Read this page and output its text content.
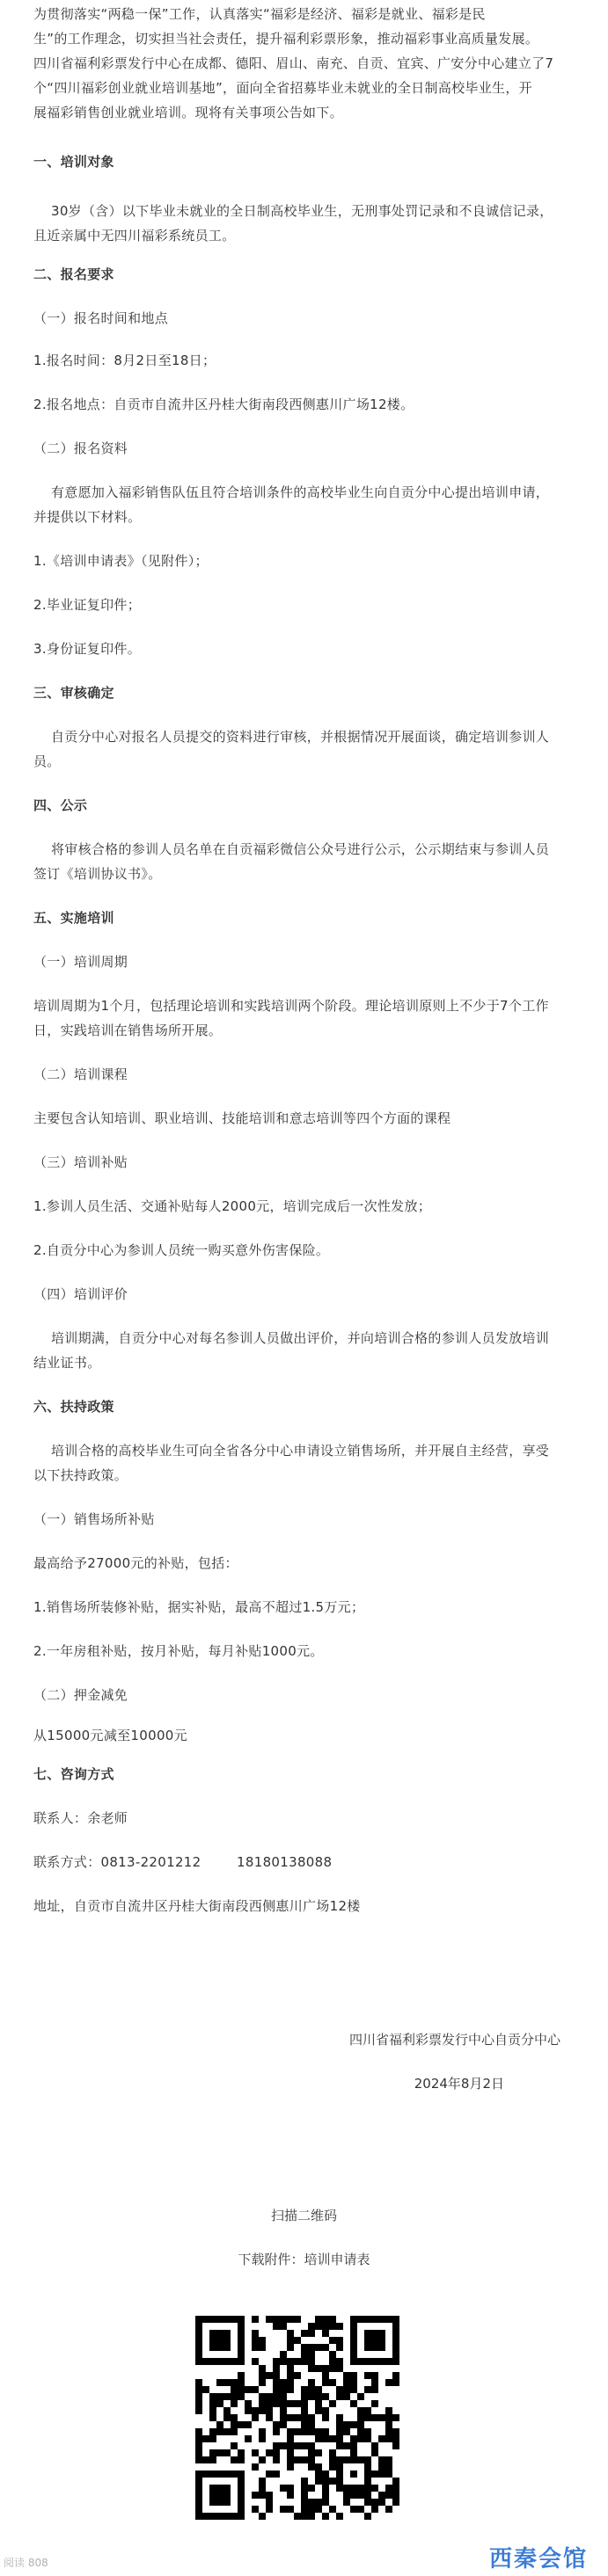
为贯彻落实“两稳一保”工作，认真落实“福彩是经济、福彩是就业、福彩是民

生”的工作理念，切实担当社会责任，提升福利彩票形象，推动福彩事业高质量发展。

四川省福利彩票发行中心在成都、德阳、眉山、南充、自贡、宜宾、广安分中心建立了7

个“四川福彩创业就业培训基地”，面向全省招募毕业未就业的全日制高校毕业生，开

展福彩销售创业就业培训。现将有关事项公告如下。

一、培训对象

30岁（含）以下毕业未就业的全日制高校毕业生，无刑事处罚记录和不良诚信记录，

且近亲属中无四川福彩系统员工。

二、报名要求

（一）报名时间和地点

1.报名时间：8月2日至18日；

2.报名地点：自贡市自流井区丹桂大街南段西侧惠川广场12楼。

（二）报名资料

有意愿加入福彩销售队伍且符合培训条件的高校毕业生向自贡分中心提出培训申请，

并提供以下材料。

1.《培训申请表》（见附件）；

2.毕业证复印件；

3.身份证复印件。

三、审核确定

自贡分中心对报名人员提交的资料进行审核，并根据情况开展面谈，确定培训参训人

员。

四、公示

将审核合格的参训人员名单在自贡福彩微信公众号进行公示，公示期结束与参训人员

签订《培训协议书》。

五、实施培训

（一）培训周期

培训周期为1个月，包括理论培训和实践培训两个阶段。理论培训原则上不少于7个工作

日，实践培训在销售场所开展。

（二）培训课程

主要包含认知培训、职业培训、技能培训和意志培训等四个方面的课程

（三）培训补贴

1.参训人员生活、交通补贴每人2000元，培训完成后一次性发放；

2.自贡分中心为参训人员统一购买意外伤害保险。

（四）培训评价

培训期满，自贡分中心对每名参训人员做出评价，并向培训合格的参训人员发放培训

结业证书。

六、扶持政策

培训合格的高校毕业生可向全省各分中心申请设立销售场所，并开展自主经营，享受

以下扶持政策。

（一）销售场所补贴

最高给予27000元的补贴，包括：

1.销售场所装修补贴，据实补贴，最高不超过1.5万元；

2.一年房租补贴，按月补贴，每月补贴1000元。

（二）押金减免

从15000元减至10000元

七、咨询方式

联系人：余老师

联系方式：0813-2201212        18180138088

地址，自贡市自流井区丹桂大街南段西侧惠川广场12楼

四川省福利彩票发行中心自贡分中心

2024年8月2日

扫描二维码

下载附件：培训申请表

阅读 808	西秦会馆
